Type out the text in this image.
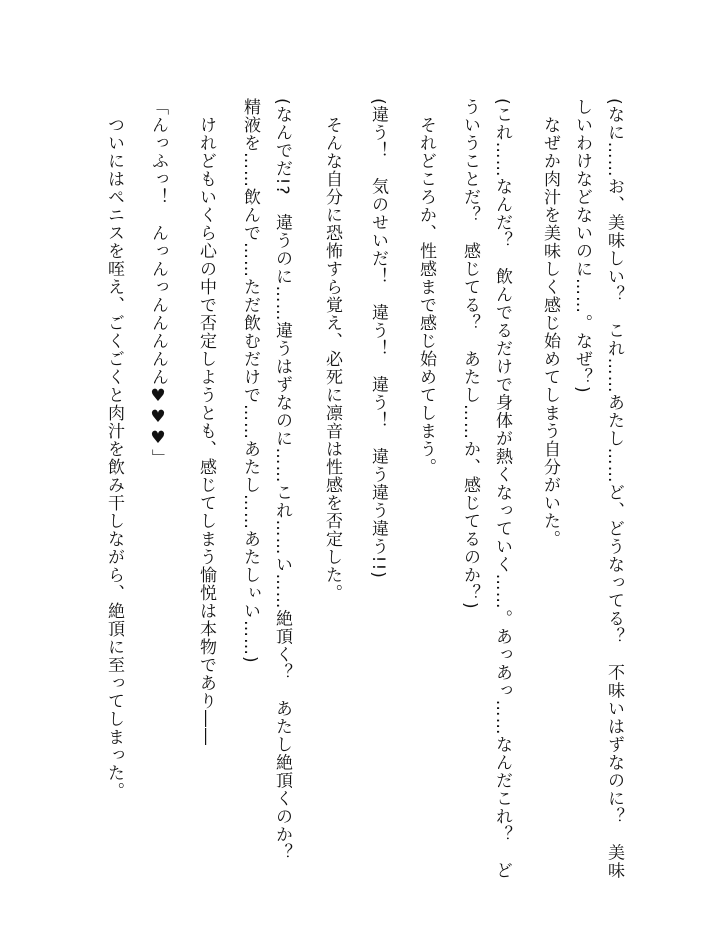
(なに……お、美味しい？　これ……あたし……ど、どうなってる？　不味いはずなのに？　美味
しいわけなどないのに……。なぜ？)
なぜか肉汁を美味しく感じ始めてしまう自分がいた。
(これ……なんだ？　飲んでるだけで身体が熱くなっていく……。あっあっ……なんだこれ？　ど
ういうことだ？　感じてる？　あたし……か、感じてるのか？)
それどころか、性感まで感じ始めてしまう。
(違う！　気のせいだ！　違う！　違う！　違う違う違う!!)
そんな自分に恐怖すら覚え、必死に凛音は性感を否定した。
(なんでだ!?　違うのに……違うはずなのに……これ……い……絶頂く？　あたし絶頂くのか？
精液を……飲んで……ただ飲むだけで……あたし……あたしぃい……)
けれどもいくら心の中で否定しようとも、感じてしまう愉悦は本物であり――
「んっふっ！　んっんっんんんんん♥♥♥」
ついにはペニスを咥え、ごくごくと肉汁を飲み干しながら、絶頂に至ってしまった。
